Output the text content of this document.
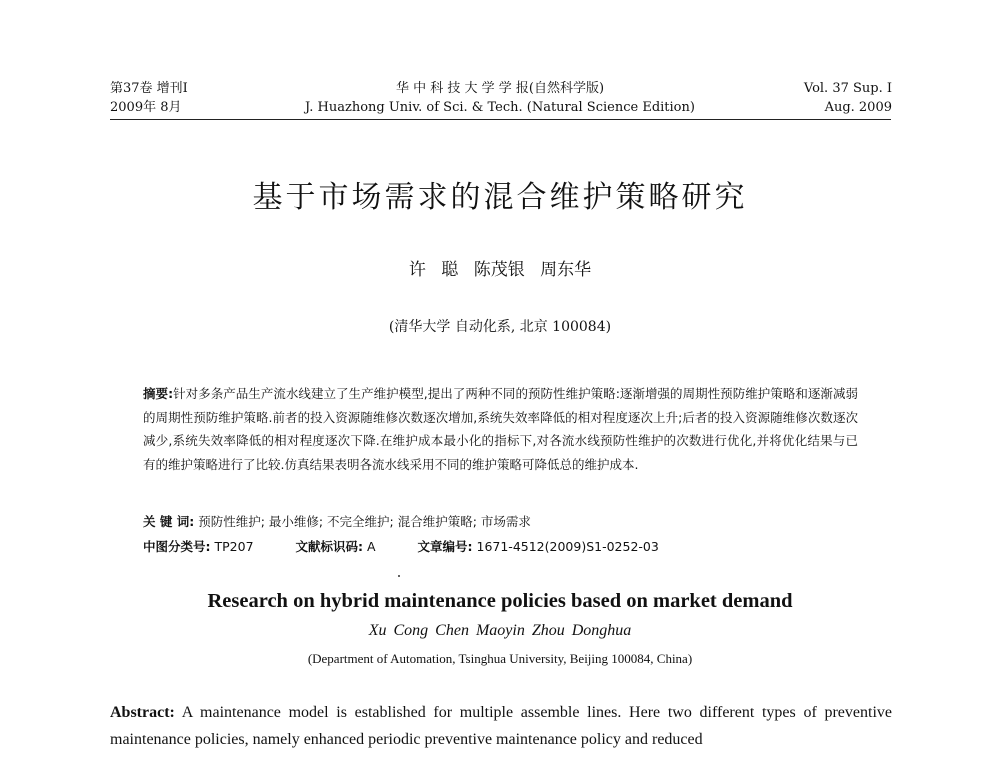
第37卷 增刊Ⅰ
2009年 8月
华 中 科 技 大 学 学 报(自然科学版)
J. Huazhong Univ. of Sci. & Tech. (Natural Science Edition)
Vol. 37 Sup. Ⅰ
Aug. 2009
基于市场需求的混合维护策略研究
许 聪 陈茂银 周东华
(清华大学 自动化系, 北京 100084)
摘要:针对多条产品生产流水线建立了生产维护模型,提出了两种不同的预防性维护策略:逐渐增强的周期性预防维护策略和逐渐减弱的周期性预防维护策略.前者的投入资源随维修次数逐次增加,系统失效率降低的相对程度逐次上升;后者的投入资源随维修次数逐次减少,系统失效率降低的相对程度逐次下降.在维护成本最小化的指标下,对各流水线预防性维护的次数进行优化,并将优化结果与已有的维护策略进行了比较.仿真结果表明各流水线采用不同的维护策略可降低总的维护成本.
关 键 词: 预防性维护; 最小维修; 不完全维护; 混合维护策略; 市场需求
中图分类号: TP207	文献标识码: A	文章编号: 1671-4512(2009)S1-0252-03
Research on hybrid maintenance policies based on market demand
Xu Cong Chen Maoyin Zhou Donghua
(Department of Automation, Tsinghua University, Beijing 100084, China)
Abstract: A maintenance model is established for multiple assemble lines. Here two different types of preventive maintenance policies, namely enhanced periodic preventive maintenance policy and reduced
